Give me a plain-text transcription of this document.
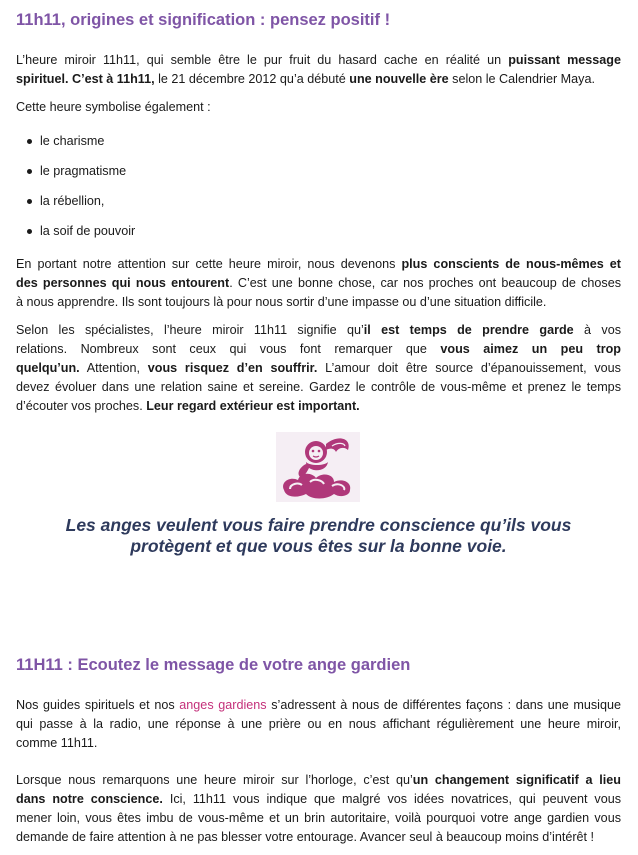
11h11, origines et signification : pensez positif !
L’heure miroir 11h11, qui semble être le pur fruit du hasard cache en réalité un puissant message
spirituel. C’est à 11h11, le 21 décembre 2012 qu’a débuté une nouvelle ère selon le Calendrier Maya.
Cette heure symbolise également :
le charisme
le pragmatisme
la rébellion,
la soif de pouvoir
En portant notre attention sur cette heure miroir, nous devenons plus conscients de nous-mêmes et
des personnes qui nous entourent. C’est une bonne chose, car nos proches ont beaucoup de choses
à nous apprendre. Ils sont toujours là pour nous sortir d’une impasse ou d’une situation difficile.
Selon les spécialistes, l’heure miroir 11h11 signifie qu’il est temps de prendre garde à vos
relations. Nombreux sont ceux qui vous font remarquer que vous aimez un peu trop
quelqu’un. Attention, vous risquez d’en souffrir. L’amour doit être source d’épanouissement, vous
devez évoluer dans une relation saine et sereine. Gardez le contrôle de vous-même et prenez le temps
d’écouter vos proches. Leur regard extérieur est important.
Les anges veulent vous faire prendre conscience qu’ils vous
protègent et que vous êtes sur la bonne voie.
11H11 : Ecoutez le message de votre ange gardien
Nos guides spirituels et nos anges gardiens s’adressent à nous de différentes façons : dans une musique
qui passe à la radio, une réponse à une prière ou en nous affichant régulièrement une heure miroir,
comme 11h11.
Lorsque nous remarquons une heure miroir sur l’horloge, c’est qu’un changement significatif a lieu
dans notre conscience. Ici, 11h11 vous indique que malgré vos idées novatrices, qui peuvent vous
mener loin, vous êtes imbu de vous-même et un brin autoritaire, voilà pourquoi votre ange gardien vous
demande de faire attention à ne pas blesser votre entourage. Avancer seul à beaucoup moins d’intérêt !
